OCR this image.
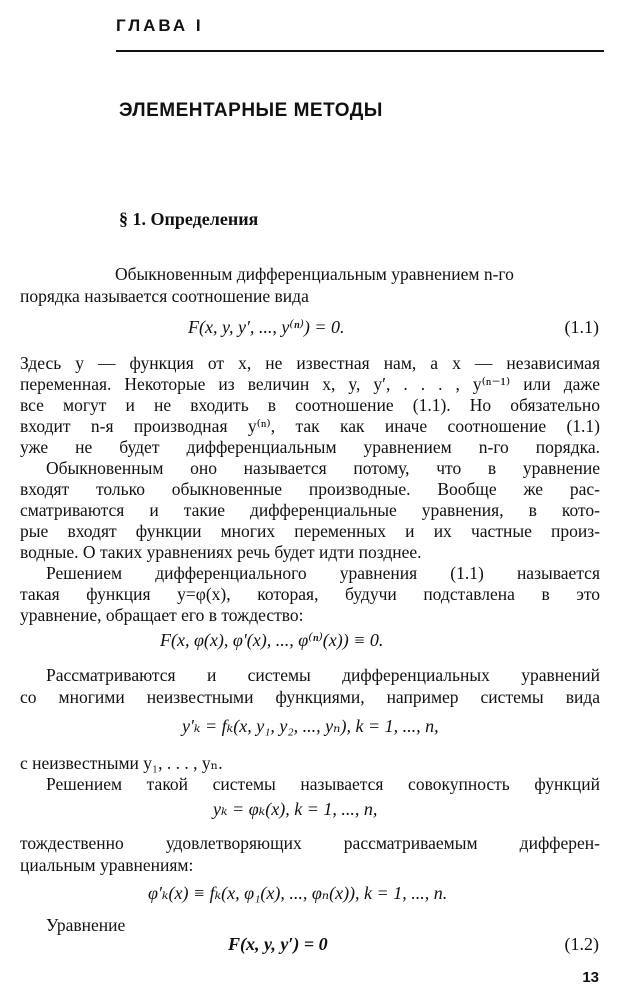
ГЛАВА I
ЭЛЕМЕНТАРНЫЕ МЕТОДЫ
§ 1. Определения
Обыкновенным дифференциальным уравнением n-го
порядка называется соотношение вида
F(x, y, y′, ..., y⁽ⁿ⁾) = 0.	(1.1)
Здесь y — функция от x, не известная нам, а x — независимая
переменная. Некоторые из величин x, y, y′, . . . , y⁽ⁿ⁻¹⁾ или даже
все могут и не входить в соотношение (1.1). Но обязательно
входит n-я производная y⁽ⁿ⁾, так как иначе соотношение (1.1)
уже не будет дифференциальным уравнением n-го порядка.
Обыкновенным оно называется потому, что в уравнение
входят только обыкновенные производные. Вообще же рас-
сматриваются и такие дифференциальные уравнения, в кото-
рые входят функции многих переменных и их частные произ-
водные. О таких уравнениях речь будет идти позднее.
Решением дифференциального уравнения (1.1) называется
такая функция y=φ(x), которая, будучи подставлена в это
уравнение, обращает его в тождество:
F(x, φ(x), φ′(x), ..., φ⁽ⁿ⁾(x)) ≡ 0.
Рассматриваются и системы дифференциальных уравнений
со многими неизвестными функциями, например системы вида
y′ₖ = fₖ(x, y₁, y₂, ..., yₙ), k = 1, ..., n,
с неизвестными y₁, . . . , yₙ.
Решением такой системы называется совокупность функций
yₖ = φₖ(x), k = 1, ..., n,
тождественно удовлетворяющих рассматриваемым дифферен-
циальным уравнениям:
φ′ₖ(x) ≡ fₖ(x, φ₁(x), ..., φₙ(x)), k = 1, ..., n.
Уравнение
F(x, y, y′) = 0	(1.2)
13
